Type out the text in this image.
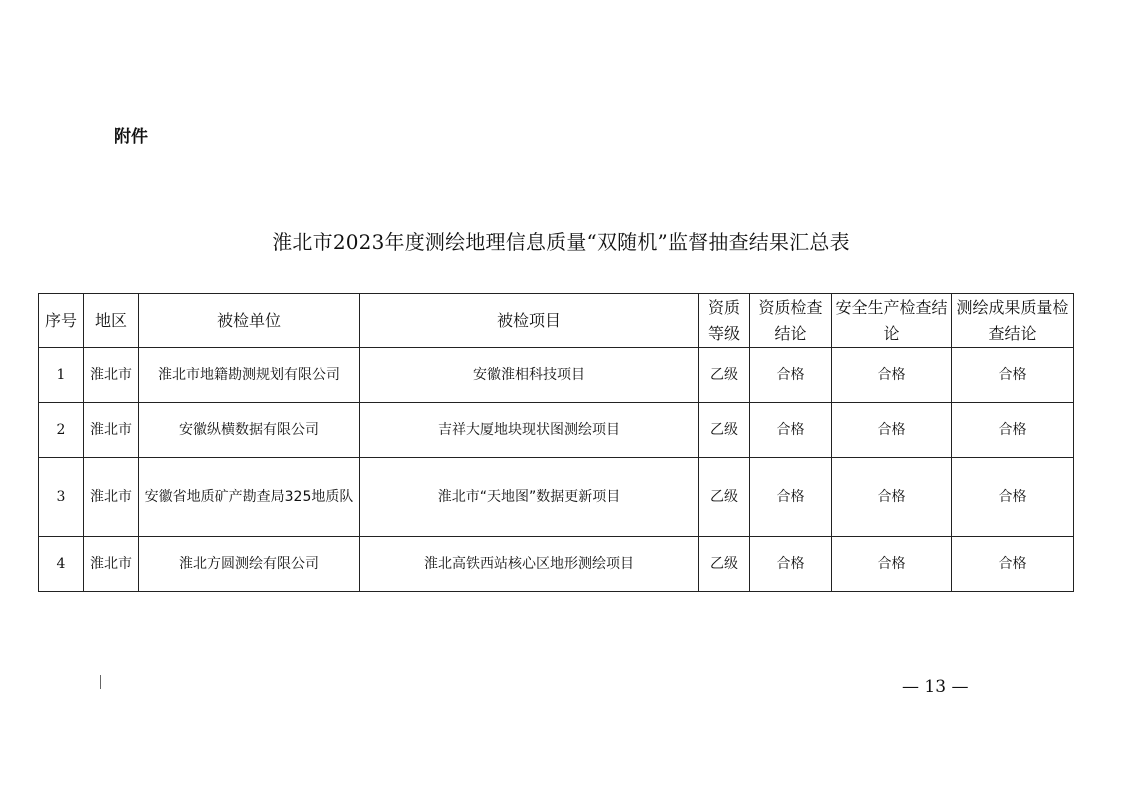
附件
淮北市2023年度测绘地理信息质量“双随机”监督抽查结果汇总表
序号	地区	被检单位	被检项目	资质等级	资质检查结论	安全生产检查结论	测绘成果质量检查结论
1	淮北市	淮北市地籍勘测规划有限公司	安徽淮相科技项目	乙级	合格	合格	合格
2	淮北市	安徽纵横数据有限公司	吉祥大厦地块现状图测绘项目	乙级	合格	合格	合格
3	淮北市	安徽省地质矿产勘查局325地质队	淮北市“天地图”数据更新项目	乙级	合格	合格	合格
4	淮北市	淮北方圆测绘有限公司	淮北高铁西站核心区地形测绘项目	乙级	合格	合格	合格
— 13 —
